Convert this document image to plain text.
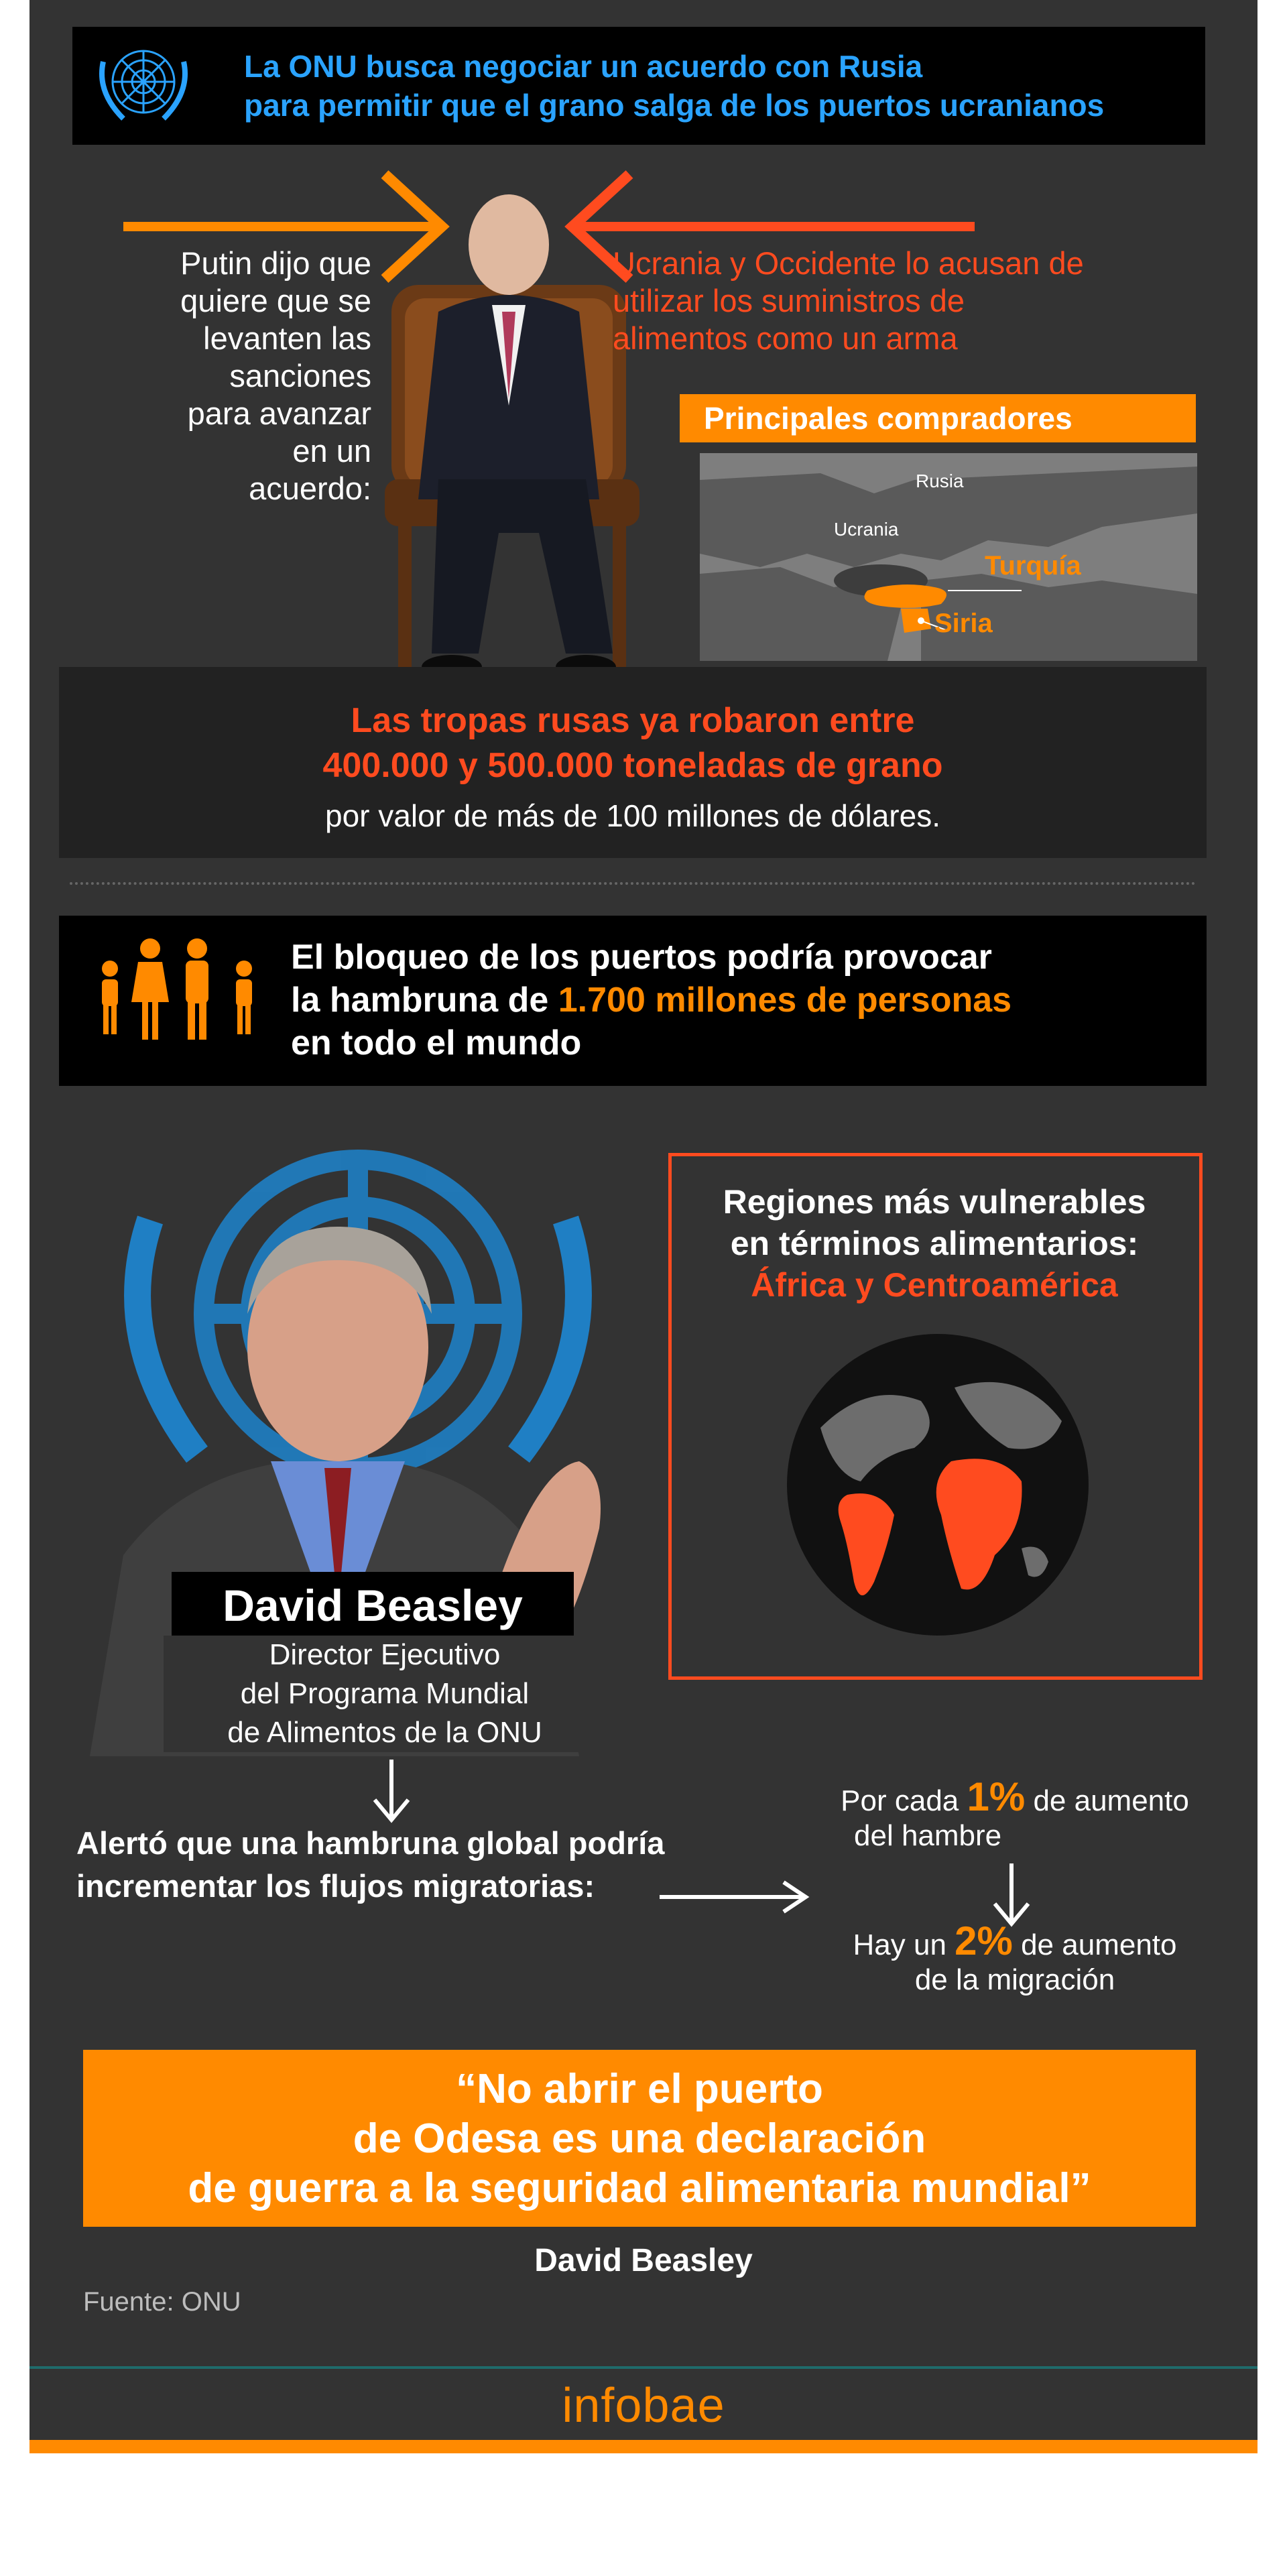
La ONU busca negociar un acuerdo con Rusia
para permitir que el grano salga de los puertos ucranianos
Putin dijo que
quiere que se
levanten las
sanciones
para avanzar
en un
acuerdo:
Ucrania y Occidente lo acusan de
utilizar los suministros de
alimentos como un arma
Principales compradores
Rusia
Ucrania
Turquía
Siria
Las tropas rusas ya robaron entre
400.000 y 500.000 toneladas de grano
por valor de más de 100 millones de dólares.
El bloqueo de los puertos podría provocar
la hambruna de 1.700 millones de personas
en todo el mundo
David Beasley
Director Ejecutivo
del Programa Mundial
de Alimentos de la ONU
Regiones más vulnerables
en términos alimentarios:
África y Centroamérica
Alertó que una hambruna global podría
incrementar los flujos migratorias:
Por cada 1% de aumento
del hambre
Hay un 2% de aumento
de la migración
“No abrir el puerto
de Odesa es una declaración
de guerra a la seguridad alimentaria mundial”
David Beasley
Fuente: ONU
infobae
